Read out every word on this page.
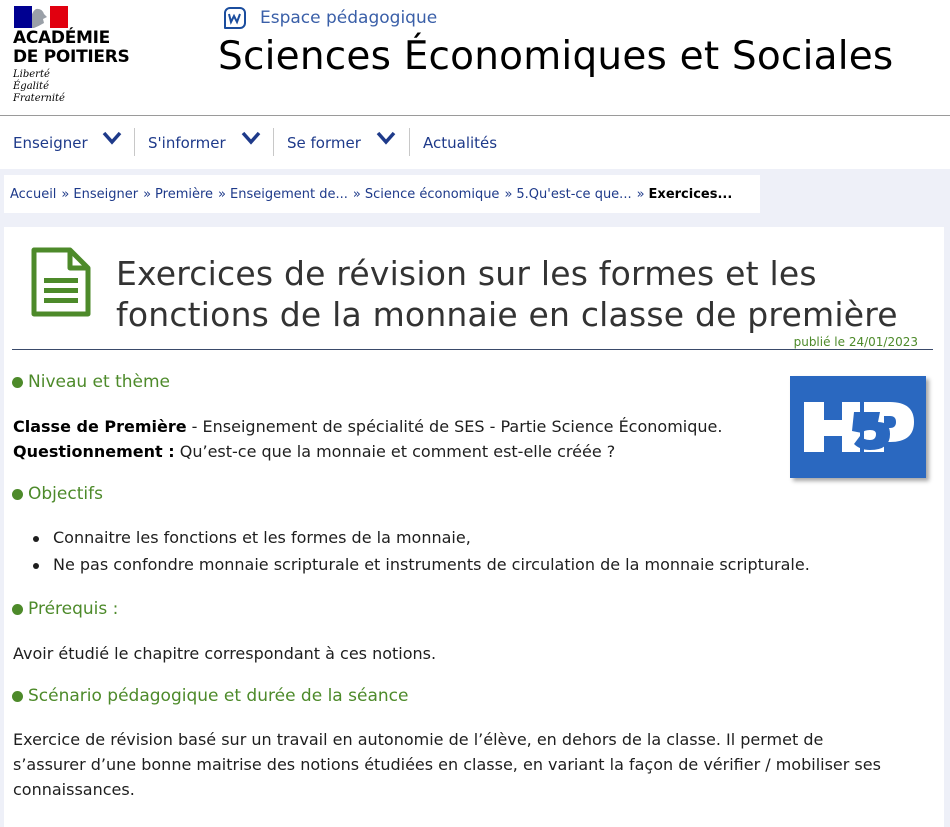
ACADÉMIE
DE POITIERS
Liberté
Égalité
Fraternité
Espace pédagogique
Sciences Économiques et Sociales
Enseigner	S'informer	Se former	Actualités
Accueil » Enseigner » Première » Enseigement de... » Science économique » 5.Qu'est-ce que... » Exercices...
Exercices de révision sur les formes et les fonctions de la monnaie en classe de première
publié le 24/01/2023
Niveau et thème
Classe de Première - Enseignement de spécialité de SES - Partie Science Économique.
Questionnement : Qu’est-ce que la monnaie et comment est-elle créée ?
H5P
Objectifs
Connaitre les fonctions et les formes de la monnaie,
Ne pas confondre monnaie scripturale et instruments de circulation de la monnaie scripturale.
Prérequis :
Avoir étudié le chapitre correspondant à ces notions.
Scénario pédagogique et durée de la séance
Exercice de révision basé sur un travail en autonomie de l’élève, en dehors de la classe. Il permet de
s’assurer d’une bonne maitrise des notions étudiées en classe, en variant la façon de vérifier / mobiliser ses
connaissances.
